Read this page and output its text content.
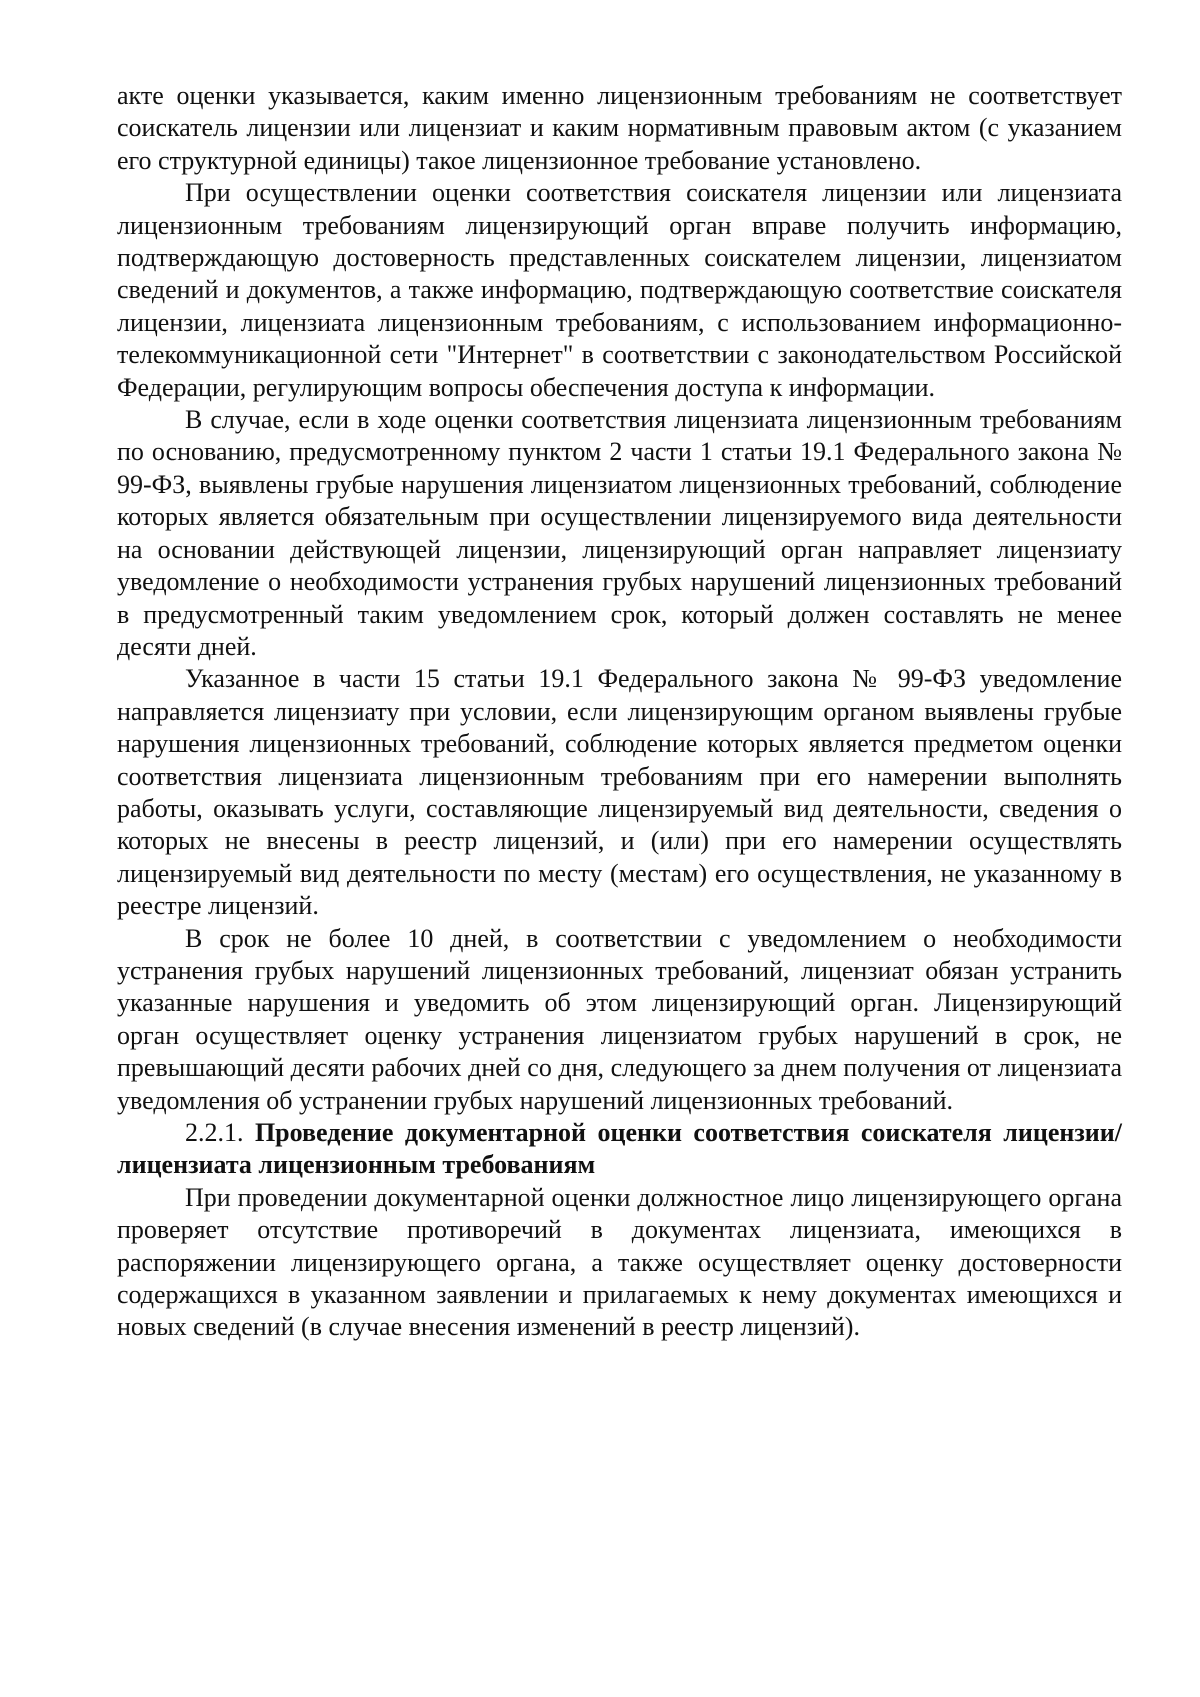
акте оценки указывается, каким именно лицензионным требованиям не соответствует соискатель лицензии или лицензиат и каким нормативным правовым актом (с указанием его структурной единицы) такое лицензионное требование установлено.

При осуществлении оценки соответствия соискателя лицензии или лицензиата лицензионным требованиям лицензирующий орган вправе получить информацию, подтверждающую достоверность представленных соискателем лицензии, лицензиатом сведений и документов, а также информацию, подтверждающую соответствие соискателя лицензии, лицензиата лицензионным требованиям, с использованием информационно-телекоммуникационной сети "Интернет" в соответствии с законодательством Российской Федерации, регулирующим вопросы обеспечения доступа к информации.

В случае, если в ходе оценки соответствия лицензиата лицензионным требованиям по основанию, предусмотренному пунктом 2 части 1 статьи 19.1 Федерального закона № 99-ФЗ, выявлены грубые нарушения лицензиатом лицензионных требований, соблюдение которых является обязательным при осуществлении лицензируемого вида деятельности на основании действующей лицензии, лицензирующий орган направляет лицензиату уведомление о необходимости устранения грубых нарушений лицензионных требований в предусмотренный таким уведомлением срок, который должен составлять не менее десяти дней.

Указанное в части 15 статьи 19.1 Федерального закона № 99-ФЗ уведомление направляется лицензиату при условии, если лицензирующим органом выявлены грубые нарушения лицензионных требований, соблюдение которых является предметом оценки соответствия лицензиата лицензионным требованиям при его намерении выполнять работы, оказывать услуги, составляющие лицензируемый вид деятельности, сведения о которых не внесены в реестр лицензий, и (или) при его намерении осуществлять лицензируемый вид деятельности по месту (местам) его осуществления, не указанному в реестре лицензий.

В срок не более 10 дней, в соответствии с уведомлением о необходимости устранения грубых нарушений лицензионных требований, лицензиат обязан устранить указанные нарушения и уведомить об этом лицензирующий орган. Лицензирующий орган осуществляет оценку устранения лицензиатом грубых нарушений в срок, не превышающий десяти рабочих дней со дня, следующего за днем получения от лицензиата уведомления об устранении грубых нарушений лицензионных требований.

2.2.1. Проведение документарной оценки соответствия соискателя лицензии/лицензиата лицензионным требованиям

При проведении документарной оценки должностное лицо лицензирующего органа проверяет отсутствие противоречий в документах лицензиата, имеющихся в распоряжении лицензирующего органа, а также осуществляет оценку достоверности содержащихся в указанном заявлении и прилагаемых к нему документах имеющихся и новых сведений (в случае внесения изменений в реестр лицензий).
